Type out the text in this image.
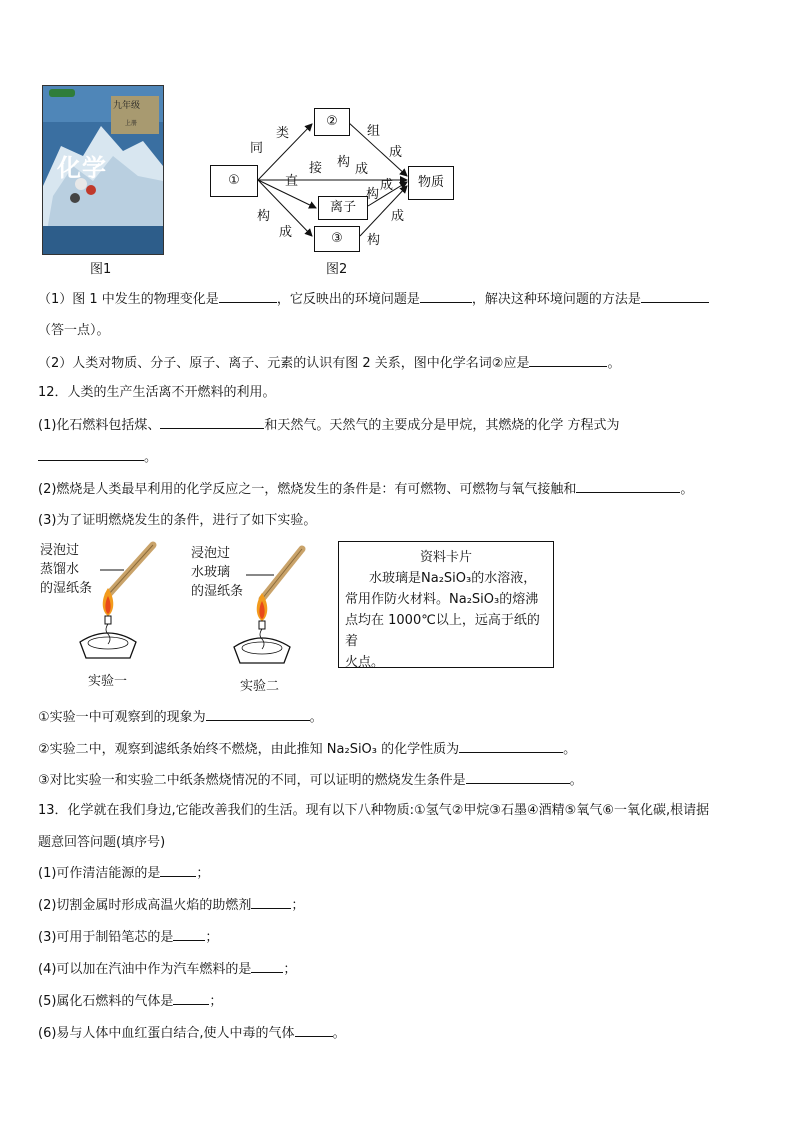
九年级
上册
化学
图1
①
②
离子
③
物质
同
类	组
成
直
接 构 成
构
成
构
成
成
构
图2
（1）图 1 中发生的物理变化是	，它反映出的环境问题是	，解决这种环境问题的方法是
（答一点）。
（2）人类对物质、分子、原子、离子、元素的认识有图 2 关系，图中化学名词②应是	。
12．人类的生产生活离不开燃料的利用。
(1)化石燃料包括煤、	和天然气。天然气的主要成分是甲烷，其燃烧的化学 方程式为
。
(2)燃烧是人类最早利用的化学反应之一，燃烧发生的条件是：有可燃物、可燃物与氧气接触和	。
(3)为了证明燃烧发生的条件，进行了如下实验。
浸泡过
蒸馏水
的湿纸条
实验一
浸泡过
水玻璃
的湿纸条
实验二
资料卡片
水玻璃是Na₂SiO₃的水溶液，
常用作防火材料。Na₂SiO₃的熔沸
点均在 1000℃以上，远高于纸的着
火点。
①实验一中可观察到的现象为	。
②实验二中，观察到滤纸条始终不燃烧，由此推知 Na₂SiO₃ 的化学性质为	。
③对比实验一和实验二中纸条燃烧情况的不同，可以证明的燃烧发生条件是	。
13．化学就在我们身边,它能改善我们的生活。现有以下八种物质:①氢气②甲烷③石墨④酒精⑤氧气⑥一氧化碳,根请据
题意回答问题(填序号)
(1)可作清洁能源的是	；
(2)切割金属时形成高温火焰的助燃剂	；
(3)可用于制铅笔芯的是 ；
(4)可以加在汽油中作为汽车燃料的是 ；
(5)属化石燃料的气体是	；
(6)易与人体中血红蛋白结合,使人中毒的气体	。
